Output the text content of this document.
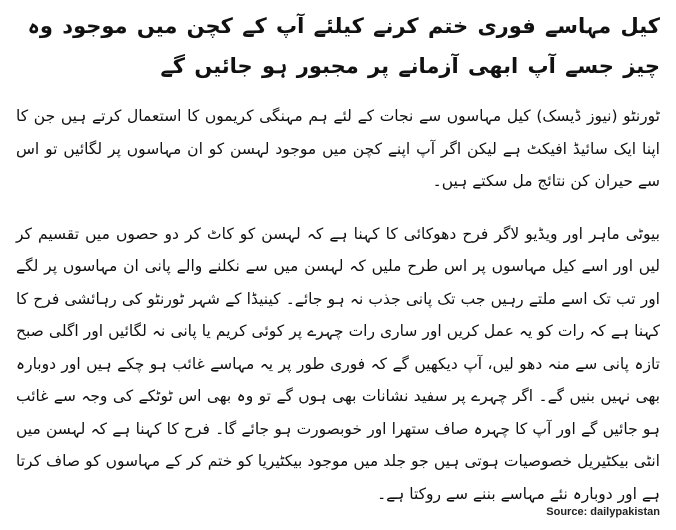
کیل مہاسے فوری ختم کرنے کیلئے آپ کے کچن میں موجود وہ چیز جسے آپ ابھی آزمانے پر مجبور ہو جائیں گے

ٹورنٹو (نیوز ڈیسک) کیل مہاسوں سے نجات کے لئے ہم مہنگی کریموں کا استعمال کرتے ہیں جن کا اپنا ایک سائیڈ افیکٹ ہے لیکن اگر آپ اپنے کچن میں موجود لہسن کو ان مہاسوں پر لگائیں تو اس سے حیران کن نتائج مل سکتے ہیں۔

بیوٹی ماہر اور ویڈیو لاگر فرح دھوکائی کا کہنا ہے کہ لہسن کو کاٹ کر دو حصوں میں تقسیم کر لیں اور اسے کیل مہاسوں پر اس طرح ملیں کہ لہسن میں سے نکلنے والے پانی ان مہاسوں پر لگے اور تب تک اسے ملتے رہیں جب تک پانی جذب نہ ہو جائے۔ کینیڈا کے شہر ٹورنٹو کی رہائشی فرح کا کہنا ہے کہ رات کو یہ عمل کریں اور ساری رات چہرے پر کوئی کریم یا پانی نہ لگائیں اور اگلی صبح تازہ پانی سے منہ دھو لیں، آپ دیکھیں گے کہ فوری طور پر یہ مہاسے غائب ہو چکے ہیں اور دوبارہ بھی نہیں بنیں گے۔ اگر چہرے پر سفید نشانات بھی ہوں گے تو وہ بھی اس ٹوٹکے کی وجہ سے غائب ہو جائیں گے اور آپ کا چہرہ صاف ستھرا اور خوبصورت ہو جائے گا۔ فرح کا کہنا ہے کہ لہسن میں انٹی بیکٹیریل خصوصیات ہوتی ہیں جو جلد میں موجود بیکٹیریا کو ختم کر کے مہاسوں کو صاف کرتا ہے اور دوبارہ نئے مہاسے بننے سے روکتا ہے۔

Source: dailypakistan
